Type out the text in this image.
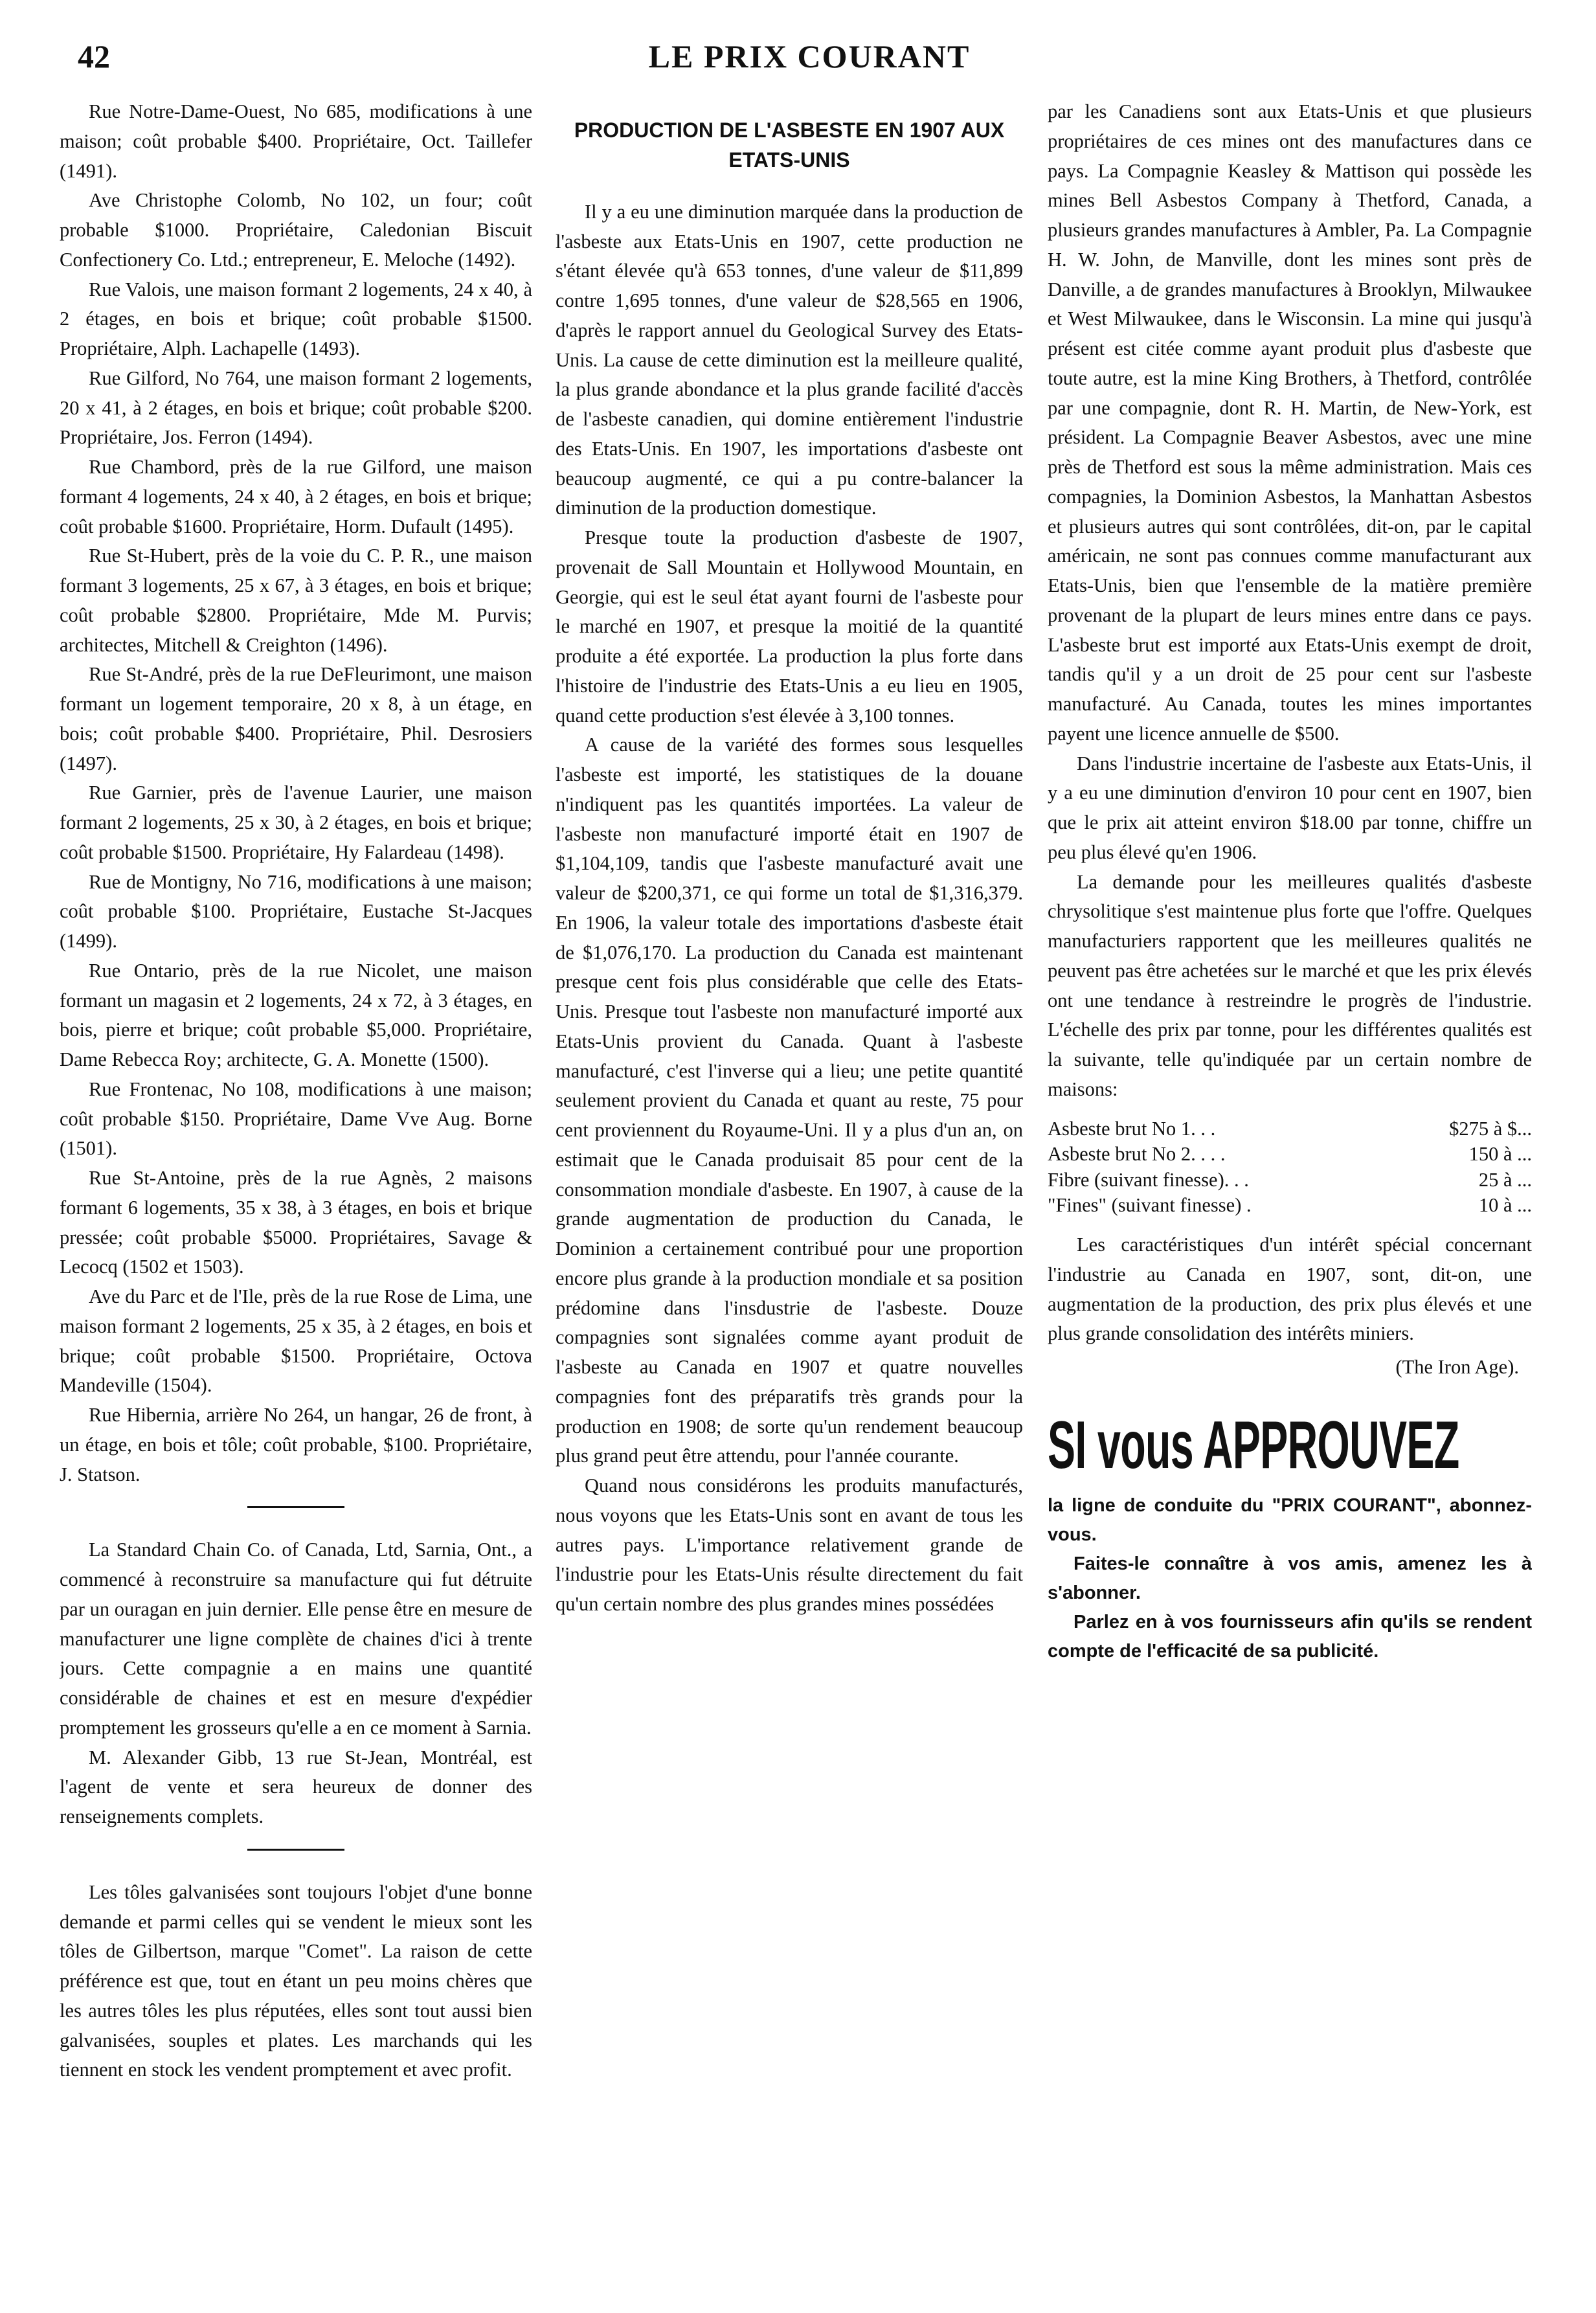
42	LE PRIX COURANT

Rue Notre-Dame-Ouest, No 685, modifications à une maison; coût probable $400. Propriétaire, Oct. Taillefer (1491).

Ave Christophe Colomb, No 102, un four; coût probable $1000. Propriétaire, Caledonian Biscuit Confectionery Co. Ltd.; entrepreneur, E. Meloche (1492).

Rue Valois, une maison formant 2 logements, 24 x 40, à 2 étages, en bois et brique; coût probable $1500. Propriétaire, Alph. Lachapelle (1493).

Rue Gilford, No 764, une maison formant 2 logements, 20 x 41, à 2 étages, en bois et brique; coût probable $200. Propriétaire, Jos. Ferron (1494).

Rue Chambord, près de la rue Gilford, une maison formant 4 logements, 24 x 40, à 2 étages, en bois et brique; coût probable $1600. Propriétaire, Horm. Dufault (1495).

Rue St-Hubert, près de la voie du C. P. R., une maison formant 3 logements, 25 x 67, à 3 étages, en bois et brique; coût probable $2800. Propriétaire, Mde M. Purvis; architectes, Mitchell & Creighton (1496).

Rue St-André, près de la rue DeFleurimont, une maison formant un logement temporaire, 20 x 8, à un étage, en bois; coût probable $400. Propriétaire, Phil. Desrosiers (1497).

Rue Garnier, près de l'avenue Laurier, une maison formant 2 logements, 25 x 30, à 2 étages, en bois et brique; coût probable $1500. Propriétaire, Hy Falardeau (1498).

Rue de Montigny, No 716, modifications à une maison; coût probable $100. Propriétaire, Eustache St-Jacques (1499).

Rue Ontario, près de la rue Nicolet, une maison formant un magasin et 2 logements, 24 x 72, à 3 étages, en bois, pierre et brique; coût probable $5,000. Propriétaire, Dame Rebecca Roy; architecte, G. A. Monette (1500).

Rue Frontenac, No 108, modifications à une maison; coût probable $150. Propriétaire, Dame Vve Aug. Borne (1501).

Rue St-Antoine, près de la rue Agnès, 2 maisons formant 6 logements, 35 x 38, à 3 étages, en bois et brique pressée; coût probable $5000. Propriétaires, Savage & Lecocq (1502 et 1503).

Ave du Parc et de l'Ile, près de la rue Rose de Lima, une maison formant 2 logements, 25 x 35, à 2 étages, en bois et brique; coût probable $1500. Propriétaire, Octova Mandeville (1504).

Rue Hibernia, arrière No 264, un hangar, 26 de front, à un étage, en bois et tôle; coût probable, $100. Propriétaire, J. Statson.

La Standard Chain Co. of Canada, Ltd, Sarnia, Ont., a commencé à reconstruire sa manufacture qui fut détruite par un ouragan en juin dernier. Elle pense être en mesure de manufacturer une ligne complète de chaines d'ici à trente jours. Cette compagnie a en mains une quantité considérable de chaines et est en mesure d'expédier promptement les grosseurs qu'elle a en ce moment à Sarnia.

M. Alexander Gibb, 13 rue St-Jean, Montréal, est l'agent de vente et sera heureux de donner des renseignements complets.

Les tôles galvanisées sont toujours l'objet d'une bonne demande et parmi celles qui se vendent le mieux sont les tôles de Gilbertson, marque "Comet". La raison de cette préférence est que, tout en étant un peu moins chères que les autres tôles les plus réputées, elles sont tout aussi bien galvanisées, souples et plates. Les marchands qui les tiennent en stock les vendent promptement et avec profit.

PRODUCTION DE L'ASBESTE EN 1907 AUX ETATS-UNIS

Il y a eu une diminution marquée dans la production de l'asbeste aux Etats-Unis en 1907, cette production ne s'étant élevée qu'à 653 tonnes, d'une valeur de $11,899 contre 1,695 tonnes, d'une valeur de $28,565 en 1906, d'après le rapport annuel du Geological Survey des Etats-Unis. La cause de cette diminution est la meilleure qualité, la plus grande abondance et la plus grande facilité d'accès de l'asbeste canadien, qui domine entièrement l'industrie des Etats-Unis. En 1907, les importations d'asbeste ont beaucoup augmenté, ce qui a pu contre-balancer la diminution de la production domestique.

Presque toute la production d'asbeste de 1907, provenait de Sall Mountain et Hollywood Mountain, en Georgie, qui est le seul état ayant fourni de l'asbeste pour le marché en 1907, et presque la moitié de la quantité produite a été exportée. La production la plus forte dans l'histoire de l'industrie des Etats-Unis a eu lieu en 1905, quand cette production s'est élevée à 3,100 tonnes.

A cause de la variété des formes sous lesquelles l'asbeste est importé, les statistiques de la douane n'indiquent pas les quantités importées. La valeur de l'asbeste non manufacturé importé était en 1907 de $1,104,109, tandis que l'asbeste manufacturé avait une valeur de $200,371, ce qui forme un total de $1,316,379. En 1906, la valeur totale des importations d'asbeste était de $1,076,170. La production du Canada est maintenant presque cent fois plus considérable que celle des Etats-Unis. Presque tout l'asbeste non manufacturé importé aux Etats-Unis provient du Canada. Quant à l'asbeste manufacturé, c'est l'inverse qui a lieu; une petite quantité seulement provient du Canada et quant au reste, 75 pour cent proviennent du Royaume-Uni. Il y a plus d'un an, on estimait que le Canada produisait 85 pour cent de la consommation mondiale d'asbeste. En 1907, à cause de la grande augmentation de production du Canada, le Dominion a certainement contribué pour une proportion encore plus grande à la production mondiale et sa position prédomine dans l'insdustrie de l'asbeste. Douze compagnies sont signalées comme ayant produit de l'asbeste au Canada en 1907 et quatre nouvelles compagnies font des préparatifs très grands pour la production en 1908; de sorte qu'un rendement beaucoup plus grand peut être attendu, pour l'année courante.

Quand nous considérons les produits manufacturés, nous voyons que les Etats-Unis sont en avant de tous les autres pays. L'importance relativement grande de l'industrie pour les Etats-Unis résulte directement du fait qu'un certain nombre des plus grandes mines possédées

par les Canadiens sont aux Etats-Unis et que plusieurs propriétaires de ces mines ont des manufactures dans ce pays. La Compagnie Keasley & Mattison qui possède les mines Bell Asbestos Company à Thetford, Canada, a plusieurs grandes manufactures à Ambler, Pa. La Compagnie H. W. John, de Manville, dont les mines sont près de Danville, a de grandes manufactures à Brooklyn, Milwaukee et West Milwaukee, dans le Wisconsin. La mine qui jusqu'à présent est citée comme ayant produit plus d'asbeste que toute autre, est la mine King Brothers, à Thetford, contrôlée par une compagnie, dont R. H. Martin, de New-York, est président. La Compagnie Beaver Asbestos, avec une mine près de Thetford est sous la même administration. Mais ces compagnies, la Dominion Asbestos, la Manhattan Asbestos et plusieurs autres qui sont contrôlées, dit-on, par le capital américain, ne sont pas connues comme manufacturant aux Etats-Unis, bien que l'ensemble de la matière première provenant de la plupart de leurs mines entre dans ce pays. L'asbeste brut est importé aux Etats-Unis exempt de droit, tandis qu'il y a un droit de 25 pour cent sur l'asbeste manufacturé. Au Canada, toutes les mines importantes payent une licence annuelle de $500.

Dans l'industrie incertaine de l'asbeste aux Etats-Unis, il y a eu une diminution d'environ 10 pour cent en 1907, bien que le prix ait atteint environ $18.00 par tonne, chiffre un peu plus élevé qu'en 1906.

La demande pour les meilleures qualités d'asbeste chrysolitique s'est maintenue plus forte que l'offre. Quelques manufacturiers rapportent que les meilleures qualités ne peuvent pas être achetées sur le marché et que les prix élevés ont une tendance à restreindre le progrès de l'industrie. L'échelle des prix par tonne, pour les différentes qualités est la suivante, telle qu'indiquée par un certain nombre de maisons:

Asbeste brut No 1. . .	$275 à $...
Asbeste brut No 2. . . .	150 à ...
Fibre (suivant finesse). . .	25 à ...
"Fines" (suivant finesse) .	10 à ...

Les caractéristiques d'un intérêt spécial concernant l'industrie au Canada en 1907, sont, dit-on, une augmentation de la production, des prix plus élevés et une plus grande consolidation des intérêts miniers.

(The Iron Age).
SI vous APPROUVEZ

la ligne de conduite du "PRIX COURANT", abonnez-vous.

Faites-le connaître à vos amis, amenez les à s'abonner.

Parlez en à vos fournisseurs afin qu'ils se rendent compte de l'efficacité de sa publicité.
